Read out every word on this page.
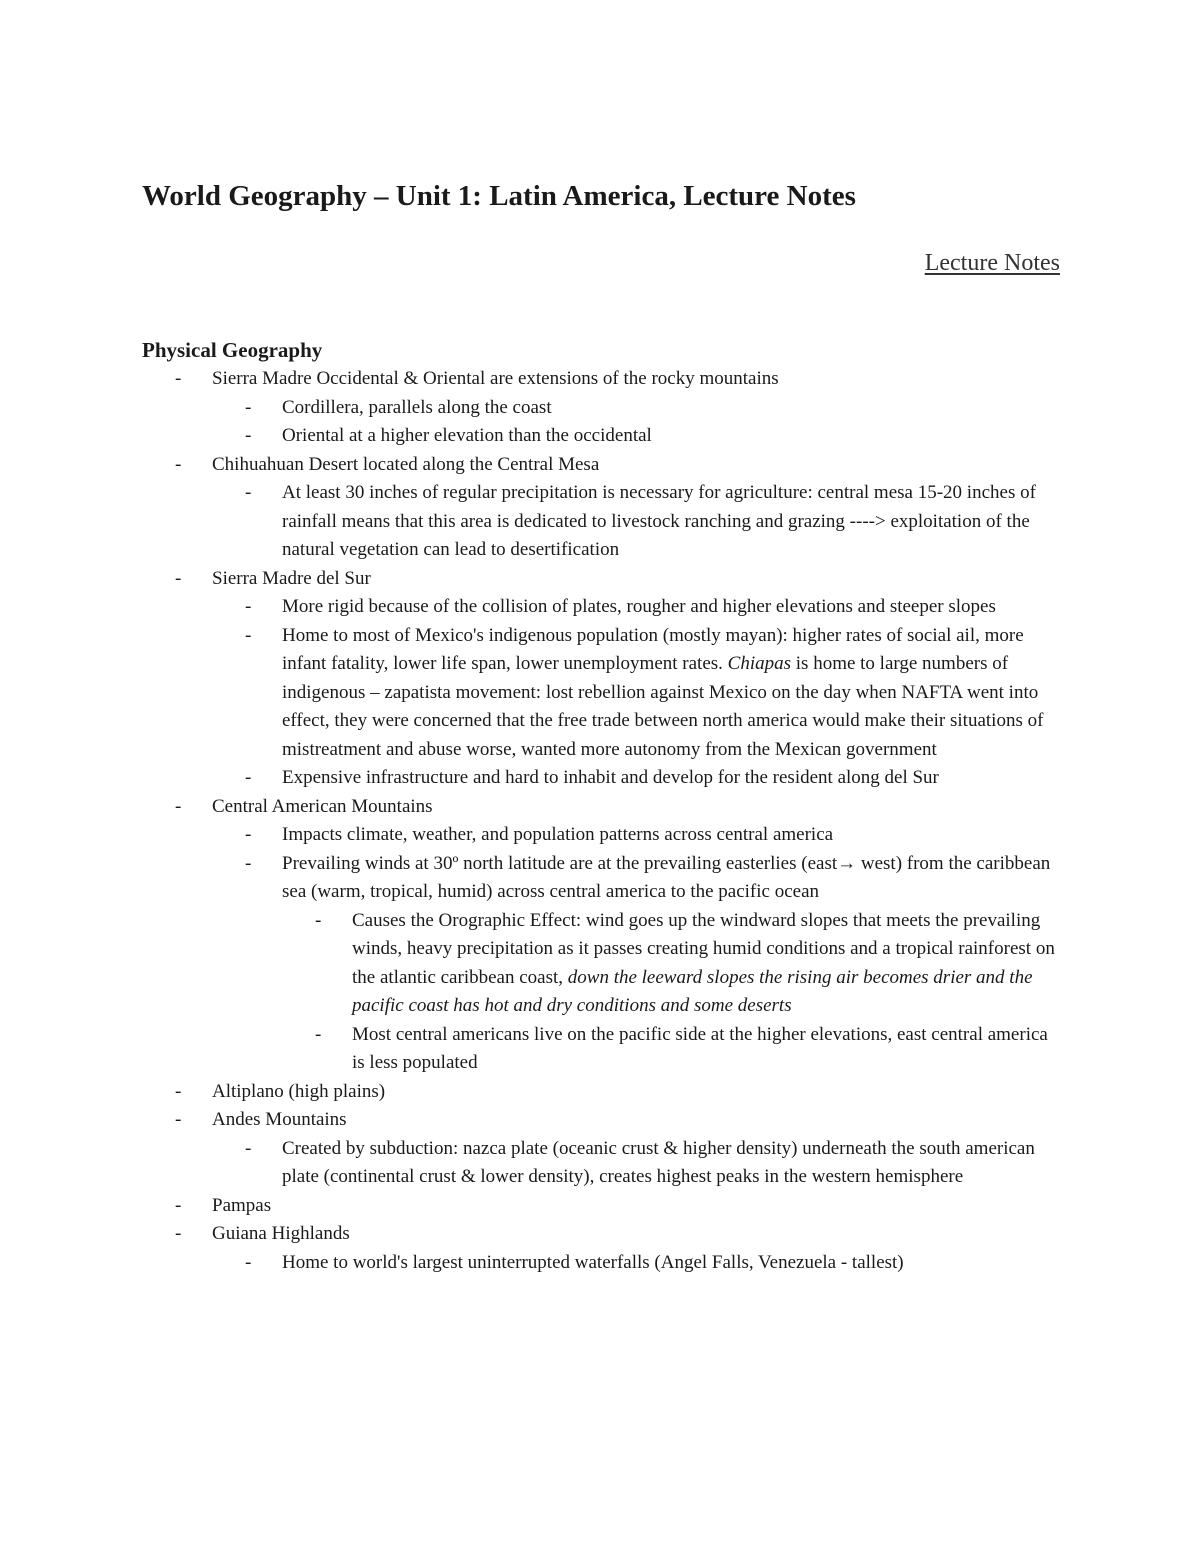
World Geography – Unit 1: Latin America, Lecture Notes
Lecture Notes
Physical Geography
- Sierra Madre Occidental & Oriental are extensions of the rocky mountains
- Cordillera, parallels along the coast
- Oriental at a higher elevation than the occidental
- Chihuahuan Desert located along the Central Mesa
- At least 30 inches of regular precipitation is necessary for agriculture: central mesa 15-20 inches of rainfall means that this area is dedicated to livestock ranching and grazing ----> exploitation of the natural vegetation can lead to desertification
- Sierra Madre del Sur
- More rigid because of the collision of plates, rougher and higher elevations and steeper slopes
- Home to most of Mexico's indigenous population (mostly mayan): higher rates of social ail, more infant fatality, lower life span, lower unemployment rates. Chiapas is home to large numbers of indigenous – zapatista movement: lost rebellion against Mexico on the day when NAFTA went into effect, they were concerned that the free trade between north america would make their situations of mistreatment and abuse worse, wanted more autonomy from the Mexican government
- Expensive infrastructure and hard to inhabit and develop for the resident along del Sur
- Central American Mountains
- Impacts climate, weather, and population patterns across central america
- Prevailing winds at 30º north latitude are at the prevailing easterlies (east→ west) from the caribbean sea (warm, tropical, humid) across central america to the pacific ocean
- Causes the Orographic Effect: wind goes up the windward slopes that meets the prevailing winds, heavy precipitation as it passes creating humid conditions and a tropical rainforest on the atlantic caribbean coast, down the leeward slopes the rising air becomes drier and the pacific coast has hot and dry conditions and some deserts
- Most central americans live on the pacific side at the higher elevations, east central america is less populated
- Altiplano (high plains)
- Andes Mountains
- Created by subduction: nazca plate (oceanic crust & higher density) underneath the south american plate (continental crust & lower density), creates highest peaks in the western hemisphere
- Pampas
- Guiana Highlands
- Home to world's largest uninterrupted waterfalls (Angel Falls, Venezuela - tallest)
